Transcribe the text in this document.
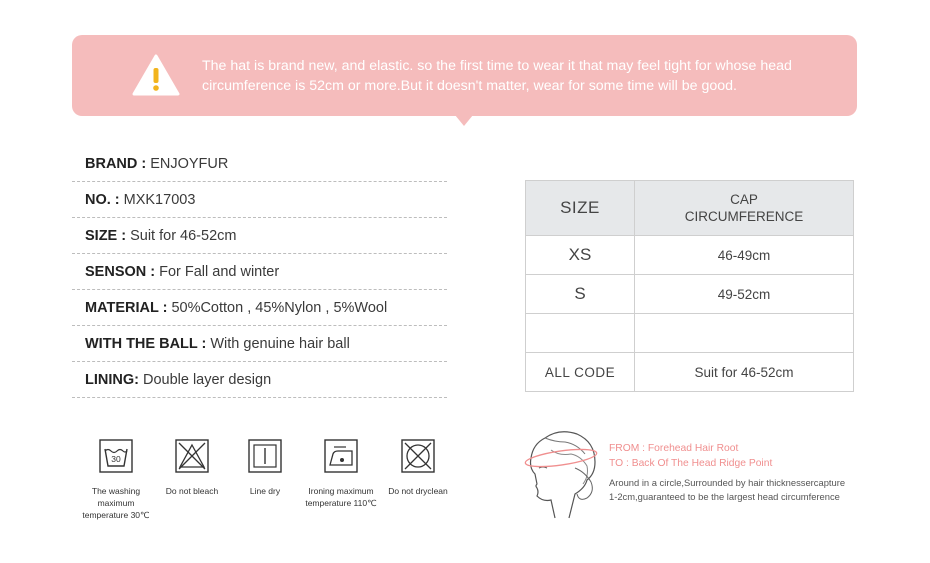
The hat is brand new, and elastic. so the first time to wear it that may feel tight for whose head circumference is 52cm or more.But it doesn't matter, wear for some time will be good.
BRAND : ENJOYFUR
NO. : MXK17003
SIZE : Suit for 46-52cm
SENSON : For Fall and winter
MATERIAL : 50%Cotton , 45%Nylon , 5%Wool
WITH THE BALL : With genuine hair ball
LINING: Double layer design
SIZE	CAP
CIRCUMFERENCE
XS	46-49cm
S	49-52cm

ALL CODE	Suit for 46-52cm
30
The washing
maximum
temperature 30℃
Do not bleach	Line dry	Ironing maximum
temperature 110℃
Do not dryclean
FROM : Forehead Hair Root
TO : Back Of The Head Ridge Point
Around in a circle,Surrounded by hair thicknessercapture
1-2cm,guaranteed to be the largest head circumference
